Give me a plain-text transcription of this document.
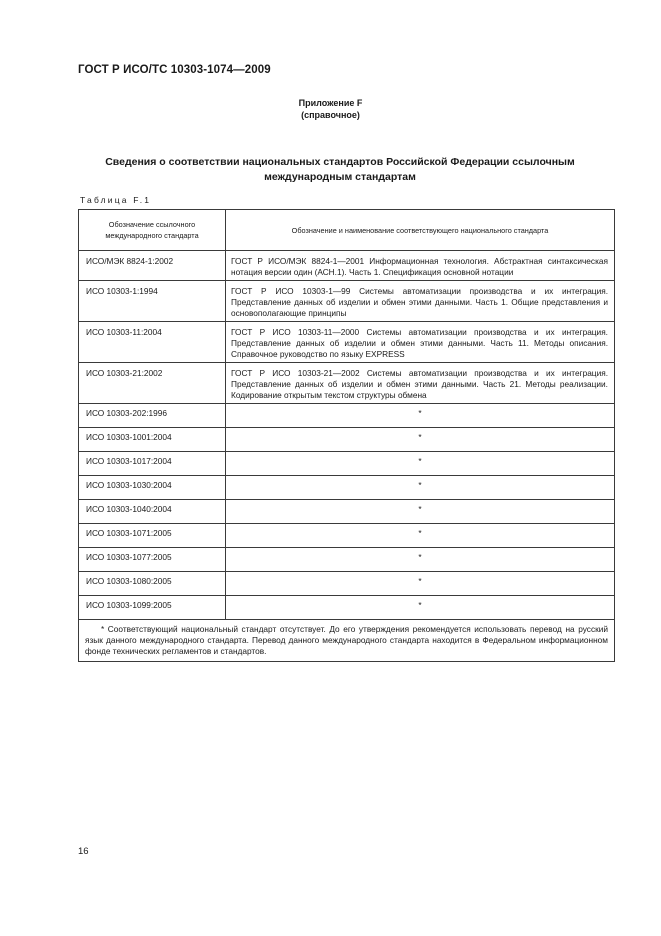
ГОСТ Р ИСО/ТС 10303-1074—2009
Приложение F
(справочное)
Сведения о соответствии национальных стандартов Российской Федерации ссылочным
международным стандартам
Таблица F.1
Обозначение ссылочного
международного стандарта	Обозначение и наименование соответствующего национального стандарта
ИСО/МЭК 8824-1:2002	ГОСТ Р ИСО/МЭК 8824-1—2001 Информационная технология. Абстрактная синтаксическая нотация версии один (АСН.1). Часть 1. Спецификация основной нотации
ИСО 10303-1:1994	ГОСТ Р ИСО 10303-1—99 Системы автоматизации производства и их интеграция. Представление данных об изделии и обмен этими данными. Часть 1. Общие представления и основополагающие принципы
ИСО 10303-11:2004	ГОСТ Р ИСО 10303-11—2000 Системы автоматизации производства и их интеграция. Представление данных об изделии и обмен этими данными. Часть 11. Методы описания. Справочное руководство по языку EXPRESS
ИСО 10303-21:2002	ГОСТ Р ИСО 10303-21—2002 Системы автоматизации производства и их интеграция. Представление данных об изделии и обмен этими данными. Часть 21. Методы реализации. Кодирование открытым текстом структуры обмена
ИСО 10303-202:1996	*
ИСО 10303-1001:2004	*
ИСО 10303-1017:2004	*
ИСО 10303-1030:2004	*
ИСО 10303-1040:2004	*
ИСО 10303-1071:2005	*
ИСО 10303-1077:2005	*
ИСО 10303-1080:2005	*
ИСО 10303-1099:2005	*

* Соответствующий национальный стандарт отсутствует. До его утверждения рекомендуется использовать перевод на русский язык данного международного стандарта. Перевод данного международного стандарта находится в Федеральном информационном фонде технических регламентов и стандартов.	
16
